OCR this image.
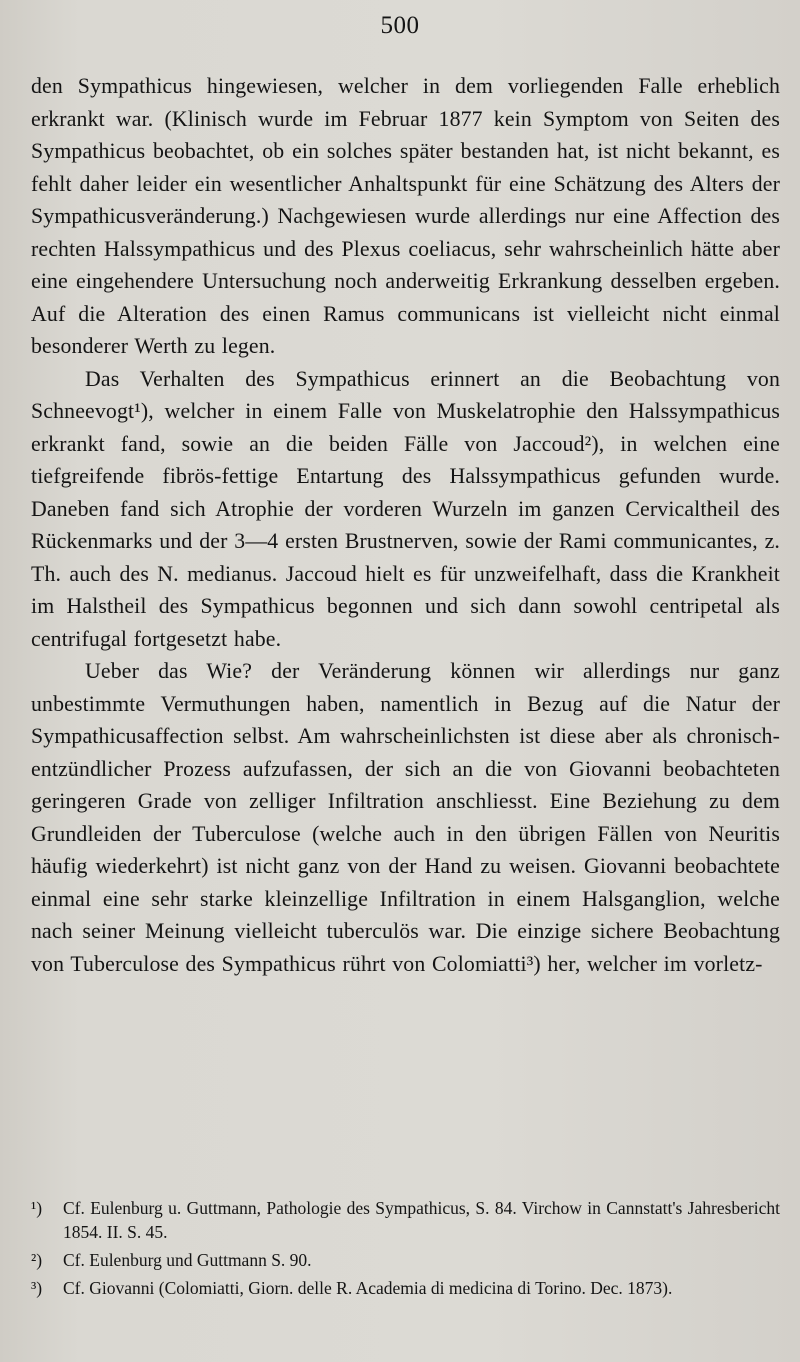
500

den Sympathicus hingewiesen, welcher in dem vorliegenden Falle erheblich erkrankt war. (Klinisch wurde im Februar 1877 kein Symptom von Seiten des Sympathicus beobachtet, ob ein solches später bestanden hat, ist nicht bekannt, es fehlt daher leider ein wesentlicher Anhaltspunkt für eine Schätzung des Alters der Sympathicusveränderung.) Nachgewiesen wurde allerdings nur eine Affection des rechten Halssympathicus und des Plexus coeliacus, sehr wahrscheinlich hätte aber eine eingehendere Untersuchung noch anderweitig Erkrankung desselben ergeben. Auf die Alteration des einen Ramus communicans ist vielleicht nicht einmal besonderer Werth zu legen.

Das Verhalten des Sympathicus erinnert an die Beobachtung von Schneevogt¹), welcher in einem Falle von Muskelatrophie den Halssympathicus erkrankt fand, sowie an die beiden Fälle von Jaccoud²), in welchen eine tiefgreifende fibrös-fettige Entartung des Halssympathicus gefunden wurde. Daneben fand sich Atrophie der vorderen Wurzeln im ganzen Cervicaltheil des Rückenmarks und der 3—4 ersten Brustnerven, sowie der Rami communicantes, z. Th. auch des N. medianus. Jaccoud hielt es für unzweifelhaft, dass die Krankheit im Halstheil des Sympathicus begonnen und sich dann sowohl centripetal als centrifugal fortgesetzt habe.

Ueber das Wie? der Veränderung können wir allerdings nur ganz unbestimmte Vermuthungen haben, namentlich in Bezug auf die Natur der Sympathicusaffection selbst. Am wahrscheinlichsten ist diese aber als chronisch-entzündlicher Prozess aufzufassen, der sich an die von Giovanni beobachteten geringeren Grade von zelliger Infiltration anschliesst. Eine Beziehung zu dem Grundleiden der Tuberculose (welche auch in den übrigen Fällen von Neuritis häufig wiederkehrt) ist nicht ganz von der Hand zu weisen. Giovanni beobachtete einmal eine sehr starke kleinzellige Infiltration in einem Halsganglion, welche nach seiner Meinung vielleicht tuberculös war. Die einzige sichere Beobachtung von Tuberculose des Sympathicus rührt von Colomiatti³) her, welcher im vorletz-

¹) Cf. Eulenburg u. Guttmann, Pathologie des Sympathicus, S. 84. Virchow in Cannstatt's Jahresbericht 1854. II. S. 45.

²) Cf. Eulenburg und Guttmann S. 90.

³) Cf. Giovanni (Colomiatti, Giorn. delle R. Academia di medicina di Torino. Dec. 1873).
